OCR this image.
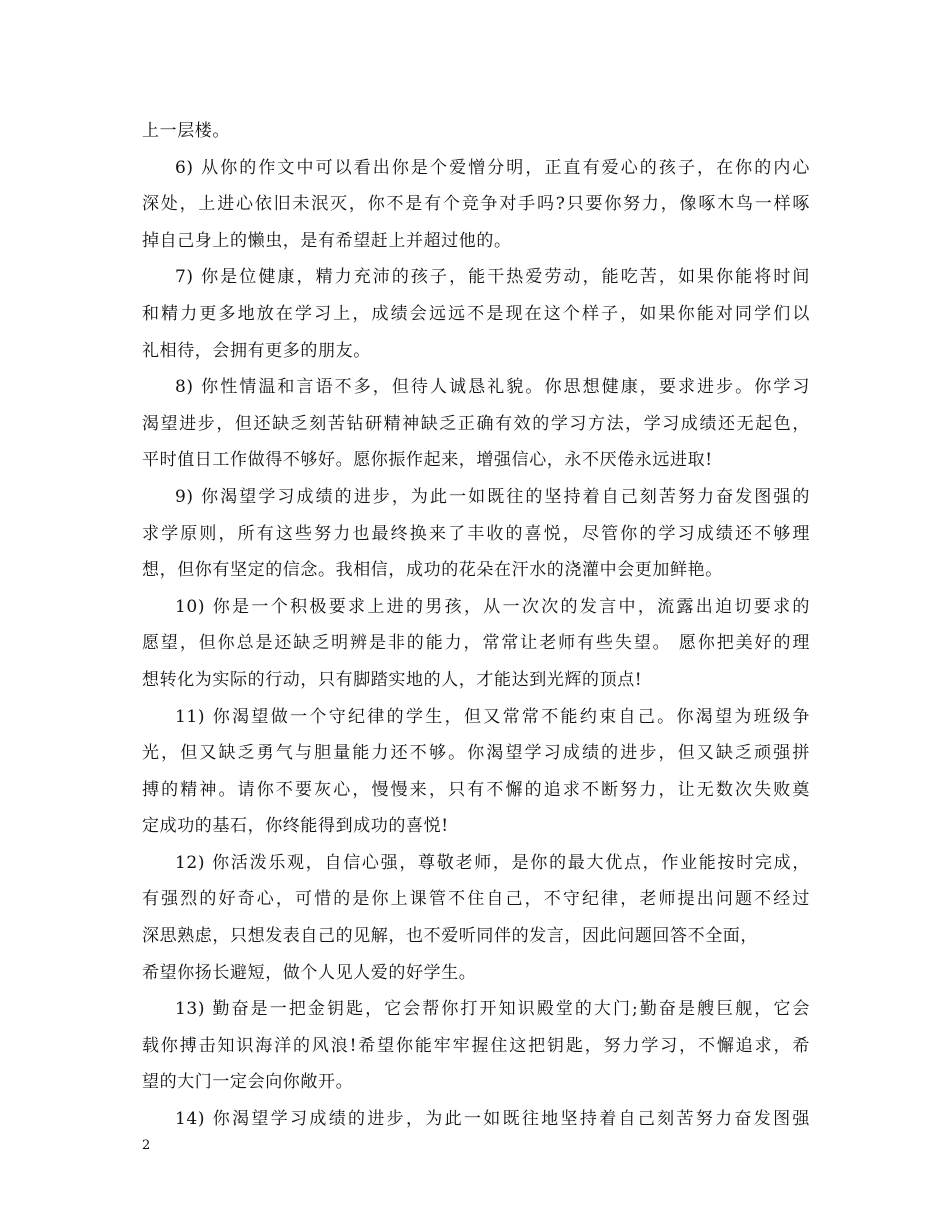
上一层楼。
6) 从你的作文中可以看出你是个爱憎分明，正直有爱心的孩子，在你的内心
深处，上进心依旧未泯灭，你不是有个竞争对手吗?只要你努力，像啄木鸟一样啄
掉自己身上的懒虫，是有希望赶上并超过他的。
7) 你是位健康，精力充沛的孩子，能干热爱劳动，能吃苦，如果你能将时间
和精力更多地放在学习上，成绩会远远不是现在这个样子，如果你能对同学们以
礼相待，会拥有更多的朋友。
8) 你性情温和言语不多，但待人诚恳礼貌。你思想健康，要求进步。你学习
渴望进步，但还缺乏刻苦钻研精神缺乏正确有效的学习方法，学习成绩还无起色，
平时值日工作做得不够好。愿你振作起来，增强信心，永不厌倦永远进取!
9) 你渴望学习成绩的进步，为此一如既往的坚持着自己刻苦努力奋发图强的
求学原则，所有这些努力也最终换来了丰收的喜悦，尽管你的学习成绩还不够理
想，但你有坚定的信念。我相信，成功的花朵在汗水的浇灌中会更加鲜艳。
10) 你是一个积极要求上进的男孩，从一次次的发言中，流露出迫切要求的
愿望，但你总是还缺乏明辨是非的能力，常常让老师有些失望。 愿你把美好的理
想转化为实际的行动，只有脚踏实地的人，才能达到光辉的顶点!
11) 你渴望做一个守纪律的学生，但又常常不能约束自己。你渴望为班级争
光，但又缺乏勇气与胆量能力还不够。你渴望学习成绩的进步，但又缺乏顽强拼
搏的精神。请你不要灰心，慢慢来，只有不懈的追求不断努力，让无数次失败奠
定成功的基石，你终能得到成功的喜悦!
12) 你活泼乐观，自信心强，尊敬老师，是你的最大优点，作业能按时完成，
有强烈的好奇心，可惜的是你上课管不住自己，不守纪律，老师提出问题不经过
深思熟虑，只想发表自己的见解，也不爱听同伴的发言，因此问题回答不全面，
希望你扬长避短，做个人见人爱的好学生。
13) 勤奋是一把金钥匙，它会帮你打开知识殿堂的大门;勤奋是艘巨舰，它会
载你搏击知识海洋的风浪!希望你能牢牢握住这把钥匙，努力学习，不懈追求，希
望的大门一定会向你敞开。
14) 你渴望学习成绩的进步，为此一如既往地坚持着自己刻苦努力奋发图强
2
